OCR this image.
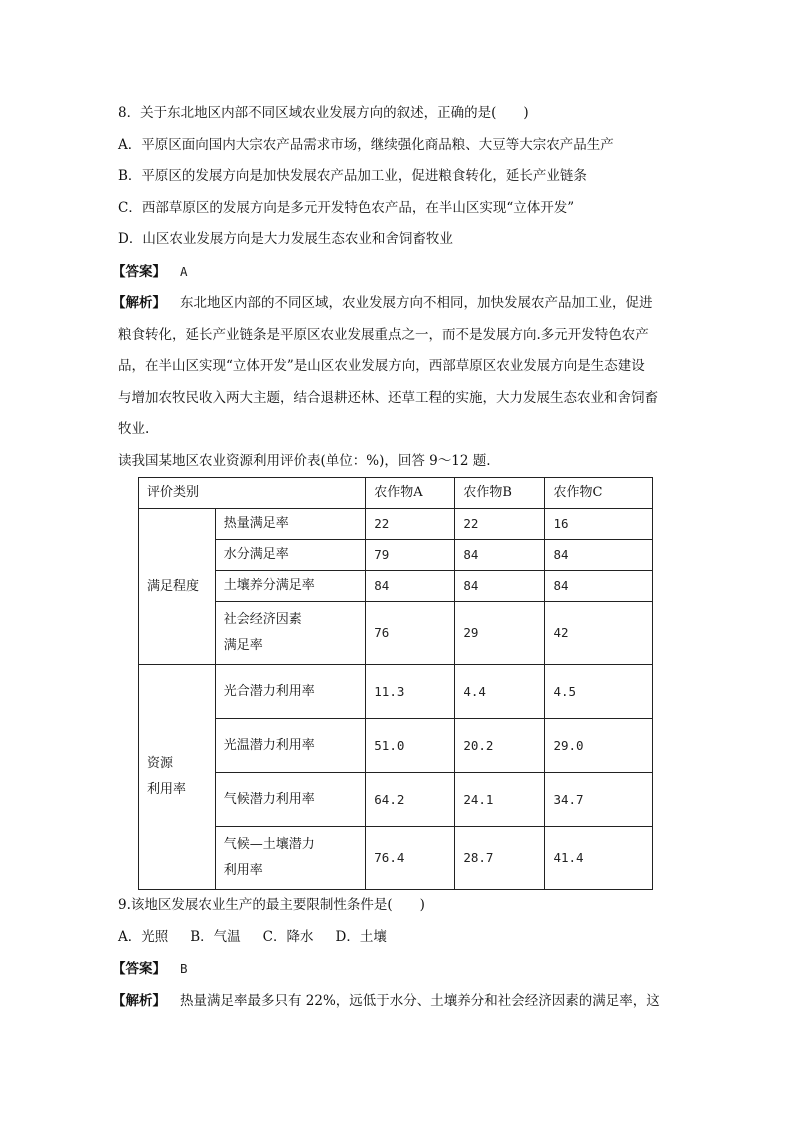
8．关于东北地区内部不同区域农业发展方向的叙述，正确的是(　　)
A．平原区面向国内大宗农产品需求市场，继续强化商品粮、大豆等大宗农产品生产
B．平原区的发展方向是加快发展农产品加工业，促进粮食转化，延长产业链条
C．西部草原区的发展方向是多元开发特色农产品，在半山区实现“立体开发”
D．山区农业发展方向是大力发展生态农业和舍饲畜牧业
【答案】 A
【解析】 东北地区内部的不同区域，农业发展方向不相同，加快发展农产品加工业，促进
粮食转化，延长产业链条是平原区农业发展重点之一，而不是发展方向.多元开发特色农产
品，在半山区实现“立体开发”是山区农业发展方向，西部草原区农业发展方向是生态建设
与增加农牧民收入两大主题，结合退耕还林、还草工程的实施，大力发展生态农业和舍饲畜
牧业.
读我国某地区农业资源利用评价表(单位：%)，回答 9～12 题.
评价类别		农作物A	农作物B	农作物C
满足程度	热量满足率	22	22	16
	水分满足率	79	84	84
	土壤养分满足率	84	84	84

	社会经济因素
满足率	76	29	42

资源
利用率	光合潜力利用率	11.3	4.4	4.5
	光温潜力利用率	51.0	20.2	29.0
	气候潜力利用率	64.2	24.1	34.7

	气候—土壤潜力
利用率	76.4	28.7	41.4
9.该地区发展农业生产的最主要限制性条件是(　　)
A．光照 B．气温 C．降水 D．土壤
【答案】 B
【解析】 热量满足率最多只有 22%，远低于水分、土壤养分和社会经济因素的满足率，这
